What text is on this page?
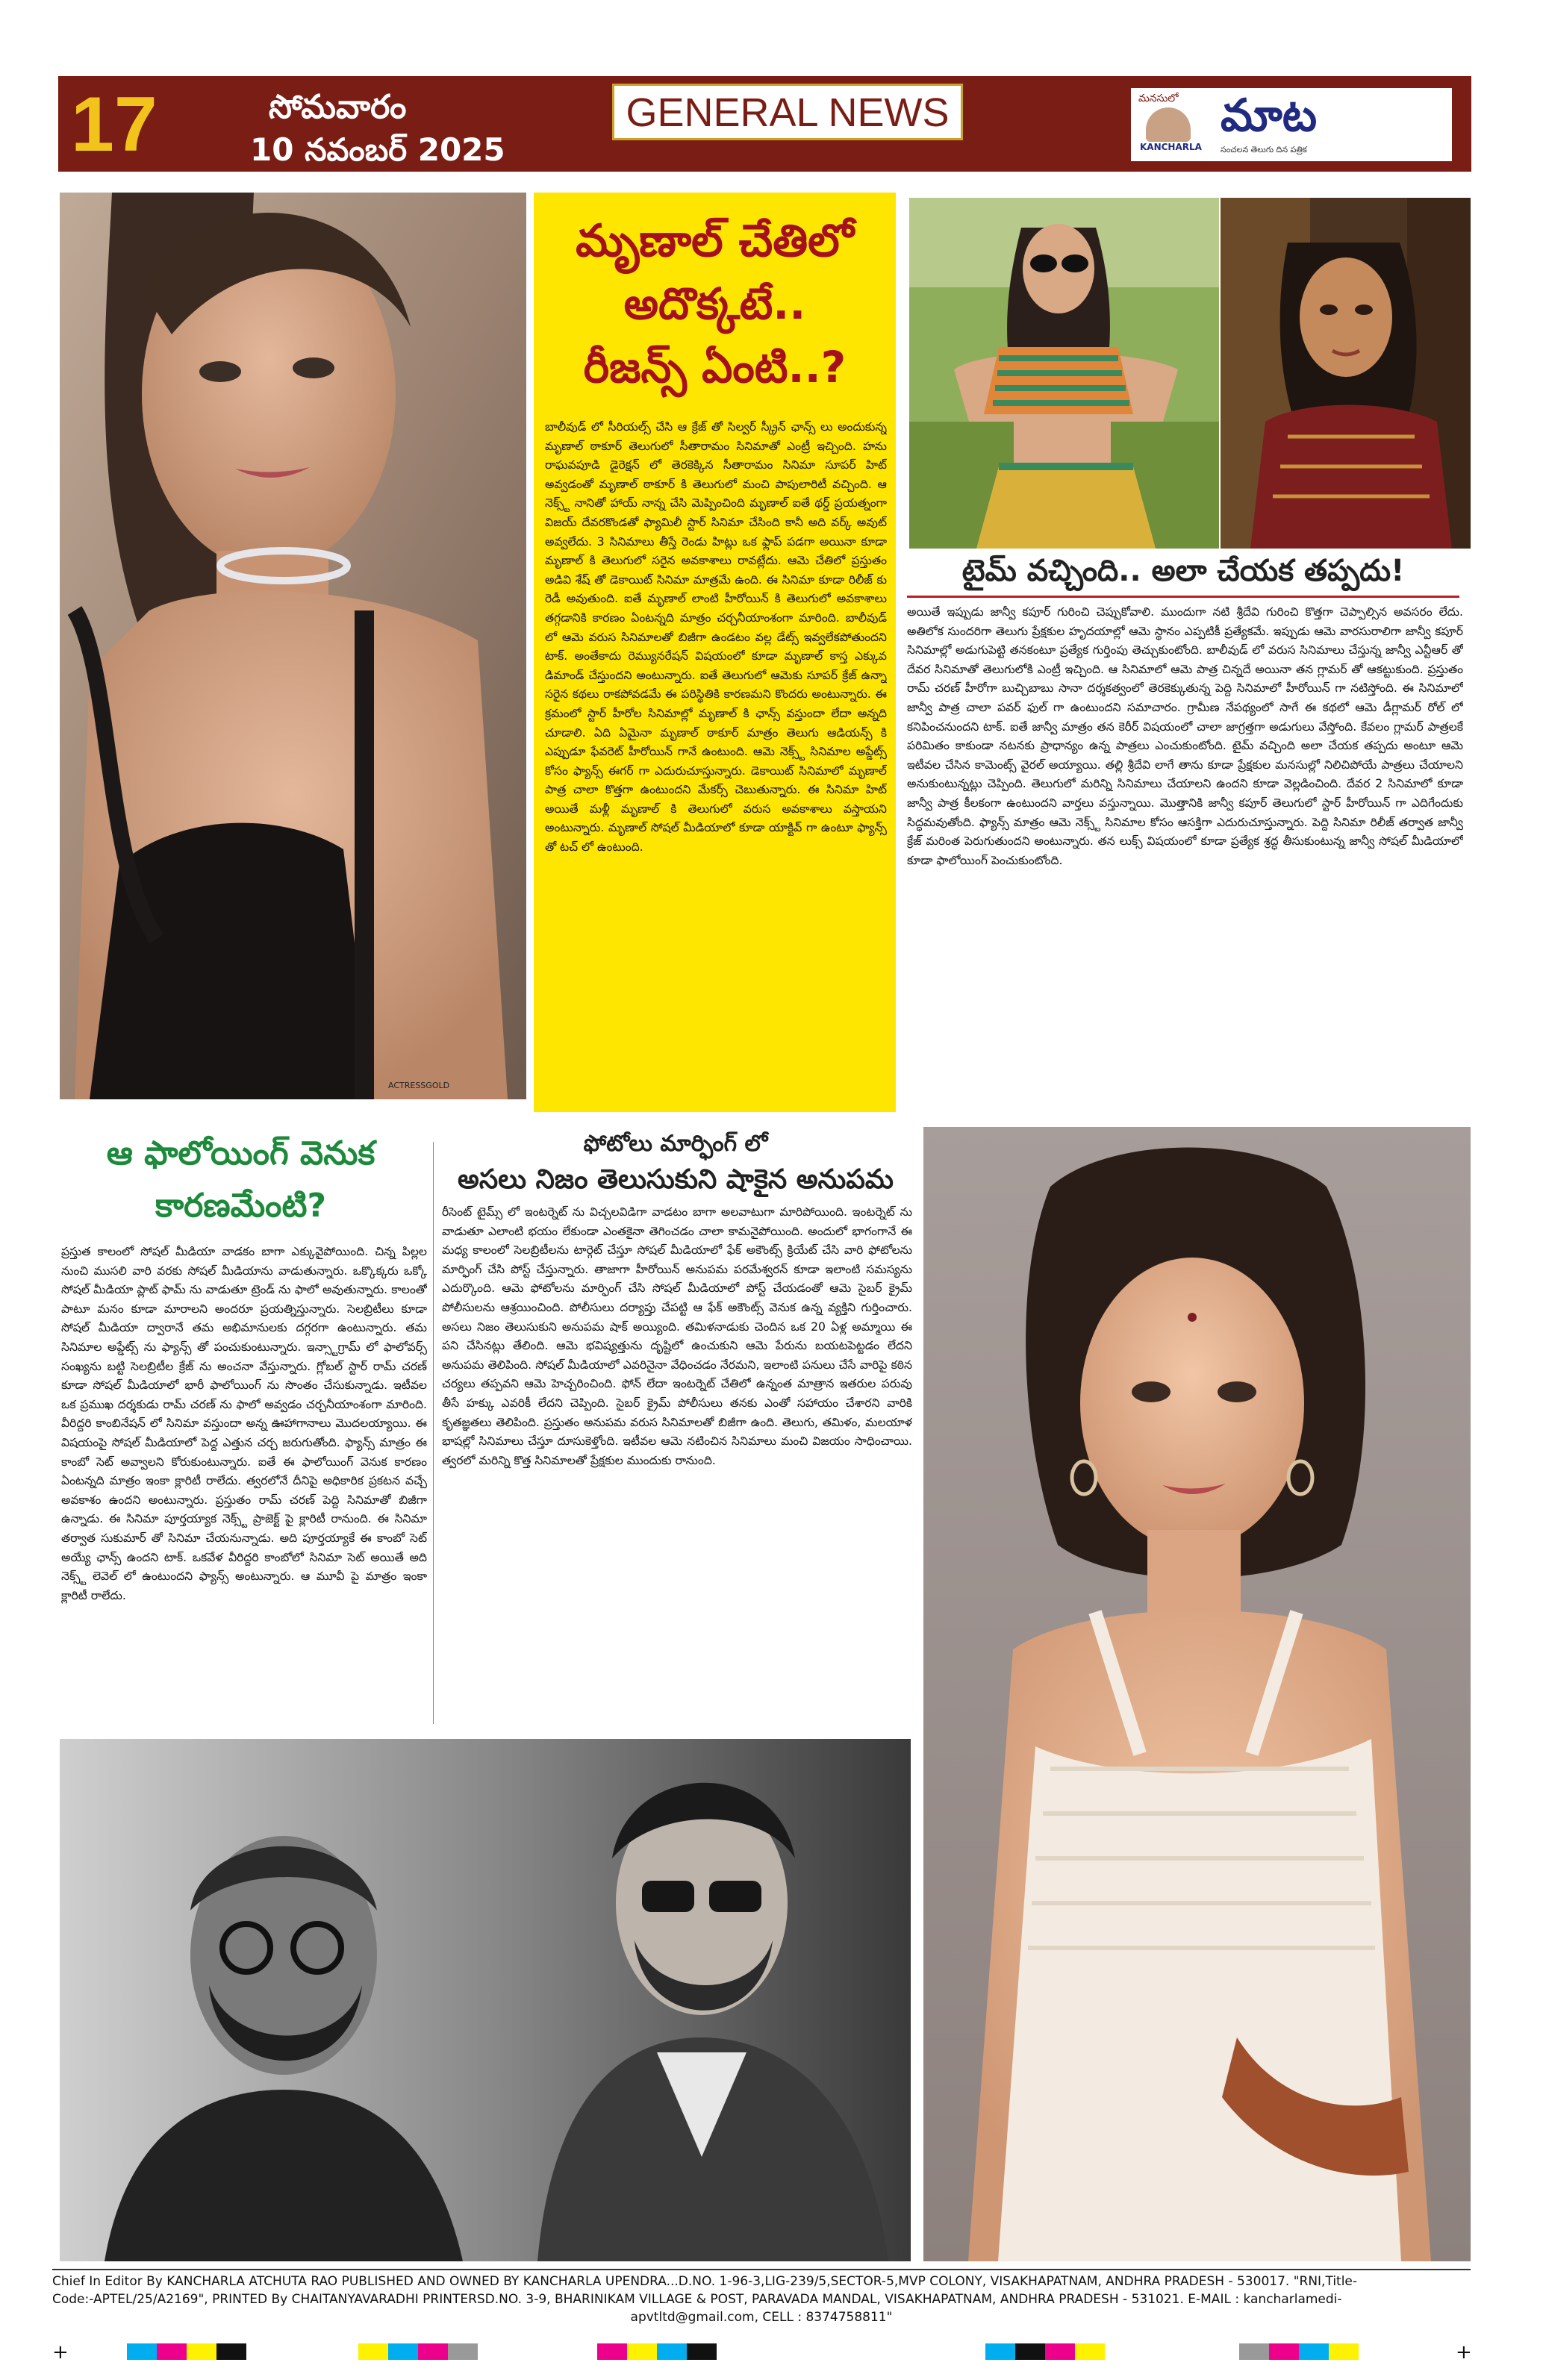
17	సోమవారం
10 నవంబర్ 2025
GENERAL NEWS	మనసులో మాట
KANCHARLA సంచలన తెలుగు దిన పత్రిక
ACTRESSGOLD
మృణాల్ చేతిలో
అదొక్కటే..
రీజన్స్ ఏంటి..?
బాలీవుడ్ లో సీరియల్స్ చేసి ఆ క్రేజ్ తో సిల్వర్ స్క్రీన్ ఛాన్స్ లు అందుకున్న మృణాల్ ఠాకూర్ తెలుగులో సీతారామం సినిమాతో ఎంట్రీ ఇచ్చింది. హను రాఘవపూడి డైరెక్షన్ లో తెరకెక్కిన సీతారామం సినిమా సూపర్ హిట్ అవ్వడంతో మృణాల్ ఠాకూర్ కి తెలుగులో మంచి పాపులారిటీ వచ్చింది. ఆ నెక్స్ట్ నానితో హాయ్ నాన్న చేసి మెప్పించింది మృణాల్ ఐతే థర్డ్ ప్రయత్నంగా విజయ్ దేవరకొండతో ఫ్యామిలీ స్టార్ సినిమా చేసింది కానీ అది వర్క్ అవుట్ అవ్వలేదు. 3 సినిమాలు తీస్తే రెండు హిట్లు ఒక ఫ్లాప్ పడగా అయినా కూడా మృణాల్ కి తెలుగులో సరైన అవకాశాలు రావట్లేదు. ఆమె చేతిలో ప్రస్తుతం అడివి శేష్ తో డెకాయిట్ సినిమా మాత్రమే ఉంది. ఈ సినిమా కూడా రిలీజ్ కు రెడీ అవుతుంది. ఐతే మృణాల్ లాంటి హీరోయిన్ కి తెలుగులో అవకాశాలు తగ్గడానికి కారణం ఏంటన్నది మాత్రం చర్చనీయాంశంగా మారింది. బాలీవుడ్ లో ఆమె వరుస సినిమాలతో బిజీగా ఉండటం వల్ల డేట్స్ ఇవ్వలేకపోతుందని టాక్. అంతేకాదు రెమ్యునరేషన్ విషయంలో కూడా మృణాల్ కాస్త ఎక్కువ డిమాండ్ చేస్తుందని అంటున్నారు. ఐతే తెలుగులో ఆమెకు సూపర్ క్రేజ్ ఉన్నా సరైన కథలు రాకపోవడమే ఈ పరిస్థితికి కారణమని కొందరు అంటున్నారు. ఈ క్రమంలో స్టార్ హీరోల సినిమాల్లో మృణాల్ కి ఛాన్స్ వస్తుందా లేదా అన్నది చూడాలి. ఏది ఏమైనా మృణాల్ ఠాకూర్ మాత్రం తెలుగు ఆడియన్స్ కి ఎప్పుడూ ఫేవరెట్ హీరోయిన్ గానే ఉంటుంది. ఆమె నెక్స్ట్ సినిమాల అప్డేట్స్ కోసం ఫ్యాన్స్ ఈగర్ గా ఎదురుచూస్తున్నారు. డెకాయిట్ సినిమాలో మృణాల్ పాత్ర చాలా కొత్తగా ఉంటుందని మేకర్స్ చెబుతున్నారు. ఈ సినిమా హిట్ అయితే మళ్లీ మృణాల్ కి తెలుగులో వరుస అవకాశాలు వస్తాయని అంటున్నారు. మృణాల్ సోషల్ మీడియాలో కూడా యాక్టివ్ గా ఉంటూ ఫ్యాన్స్ తో టచ్ లో ఉంటుంది.
టైమ్ వచ్చింది.. అలా చేయక తప్పదు!
అయితే ఇప్పుడు జాన్వీ కపూర్ గురించి చెప్పుకోవాలి. ముందుగా నటి శ్రీదేవి గురించి కొత్తగా చెప్పాల్సిన అవసరం లేదు. అతిలోక సుందరిగా తెలుగు ప్రేక్షకుల హృదయాల్లో ఆమె స్థానం ఎప్పటికీ ప్రత్యేకమే. ఇప్పుడు ఆమె వారసురాలిగా జాన్వీ కపూర్ సినిమాల్లో అడుగుపెట్టి తనకంటూ ప్రత్యేక గుర్తింపు తెచ్చుకుంటోంది. బాలీవుడ్ లో వరుస సినిమాలు చేస్తున్న జాన్వీ ఎన్టీఆర్ తో దేవర సినిమాతో తెలుగులోకి ఎంట్రీ ఇచ్చింది. ఆ సినిమాలో ఆమె పాత్ర చిన్నదే అయినా తన గ్లామర్ తో ఆకట్టుకుంది. ప్రస్తుతం రామ్ చరణ్ హీరోగా బుచ్చిబాబు సానా దర్శకత్వంలో తెరకెక్కుతున్న పెద్ది సినిమాలో హీరోయిన్ గా నటిస్తోంది. ఈ సినిమాలో జాన్వీ పాత్ర చాలా పవర్ ఫుల్ గా ఉంటుందని సమాచారం. గ్రామీణ నేపథ్యంలో సాగే ఈ కథలో ఆమె డీగ్లామర్ రోల్ లో కనిపించనుందని టాక్. ఐతే జాన్వీ మాత్రం తన కెరీర్ విషయంలో చాలా జాగ్రత్తగా అడుగులు వేస్తోంది. కేవలం గ్లామర్ పాత్రలకే పరిమితం కాకుండా నటనకు ప్రాధాన్యం ఉన్న పాత్రలు ఎంచుకుంటోంది. టైమ్ వచ్చింది అలా చేయక తప్పదు అంటూ ఆమె ఇటీవల చేసిన కామెంట్స్ వైరల్ అయ్యాయి. తల్లి శ్రీదేవి లాగే తాను కూడా ప్రేక్షకుల మనసుల్లో నిలిచిపోయే పాత్రలు చేయాలని అనుకుంటున్నట్లు చెప్పింది. తెలుగులో మరిన్ని సినిమాలు చేయాలని ఉందని కూడా వెల్లడించింది. దేవర 2 సినిమాలో కూడా జాన్వీ పాత్ర కీలకంగా ఉంటుందని వార్తలు వస్తున్నాయి. మొత్తానికి జాన్వీ కపూర్ తెలుగులో స్టార్ హీరోయిన్ గా ఎదిగేందుకు సిద్ధమవుతోంది. ఫ్యాన్స్ మాత్రం ఆమె నెక్స్ట్ సినిమాల కోసం ఆసక్తిగా ఎదురుచూస్తున్నారు. పెద్ది సినిమా రిలీజ్ తర్వాత జాన్వీ క్రేజ్ మరింత పెరుగుతుందని అంటున్నారు. తన లుక్స్ విషయంలో కూడా ప్రత్యేక శ్రద్ధ తీసుకుంటున్న జాన్వీ సోషల్ మీడియాలో కూడా ఫాలోయింగ్ పెంచుకుంటోంది.
ఆ ఫాలోయింగ్ వెనుక
కారణమేంటి?
ప్రస్తుత కాలంలో సోషల్ మీడియా వాడకం బాగా ఎక్కువైపోయింది. చిన్న పిల్లల నుంచి ముసలి వారి వరకు సోషల్ మీడియాను వాడుతున్నారు. ఒక్కొక్కరు ఒక్కో సోషల్ మీడియా ప్లాట్ ఫామ్ ను వాడుతూ ట్రెండ్ ను ఫాలో అవుతున్నారు. కాలంతో పాటూ మనం కూడా మారాలని అందరూ ప్రయత్నిస్తున్నారు. సెలబ్రిటీలు కూడా సోషల్ మీడియా ద్వారానే తమ అభిమానులకు దగ్గరగా ఉంటున్నారు. తమ సినిమాల అప్డేట్స్ ను ఫ్యాన్స్ తో పంచుకుంటున్నారు. ఇన్స్టాగ్రామ్ లో ఫాలోవర్స్ సంఖ్యను బట్టి సెలబ్రిటీల క్రేజ్ ను అంచనా వేస్తున్నారు. గ్లోబల్ స్టార్ రామ్ చరణ్ కూడా సోషల్ మీడియాలో భారీ ఫాలోయింగ్ ను సొంతం చేసుకున్నాడు. ఇటీవల ఒక ప్రముఖ దర్శకుడు రామ్ చరణ్ ను ఫాలో అవ్వడం చర్చనీయాంశంగా మారింది. వీరిద్దరి కాంబినేషన్ లో సినిమా వస్తుందా అన్న ఊహాగానాలు మొదలయ్యాయి. ఈ విషయంపై సోషల్ మీడియాలో పెద్ద ఎత్తున చర్చ జరుగుతోంది. ఫ్యాన్స్ మాత్రం ఈ కాంబో సెట్ అవ్వాలని కోరుకుంటున్నారు. ఐతే ఈ ఫాలోయింగ్ వెనుక కారణం ఏంటన్నది మాత్రం ఇంకా క్లారిటీ రాలేదు. త్వరలోనే దీనిపై అధికారిక ప్రకటన వచ్చే అవకాశం ఉందని అంటున్నారు. ప్రస్తుతం రామ్ చరణ్ పెద్ది సినిమాతో బిజీగా ఉన్నాడు. ఈ సినిమా పూర్తయ్యాక నెక్స్ట్ ప్రాజెక్ట్ పై క్లారిటీ రానుంది. ఈ సినిమా తర్వాత సుకుమార్ తో సినిమా చేయనున్నాడు. అది పూర్తయ్యాకే ఈ కాంబో సెట్ అయ్యే ఛాన్స్ ఉందని టాక్. ఒకవేళ వీరిద్దరి కాంబోలో సినిమా సెట్ అయితే అది నెక్స్ట్ లెవెల్ లో ఉంటుందని ఫ్యాన్స్ అంటున్నారు. ఆ మూవీ పై మాత్రం ఇంకా క్లారిటీ రాలేదు.
ఫోటోలు మార్ఫింగ్ లో
అసలు నిజం తెలుసుకుని షాకైన అనుపమ
రీసెంట్ టైమ్స్ లో ఇంటర్నెట్ ను విచ్చలవిడిగా వాడటం బాగా అలవాటుగా మారిపోయింది. ఇంటర్నెట్ ను వాడుతూ ఎలాంటి భయం లేకుండా ఎంతకైనా తెగించడం చాలా కామనైపోయింది. అందులో భాగంగానే ఈ మధ్య కాలంలో సెలబ్రిటీలను టార్గెట్ చేస్తూ సోషల్ మీడియాలో ఫేక్ అకౌంట్స్ క్రియేట్ చేసి వారి ఫోటోలను మార్ఫింగ్ చేసి పోస్ట్ చేస్తున్నారు. తాజాగా హీరోయిన్ అనుపమ పరమేశ్వరన్ కూడా ఇలాంటి సమస్యను ఎదుర్కొంది. ఆమె ఫోటోలను మార్ఫింగ్ చేసి సోషల్ మీడియాలో పోస్ట్ చేయడంతో ఆమె సైబర్ క్రైమ్ పోలీసులను ఆశ్రయించింది. పోలీసులు దర్యాప్తు చేపట్టి ఆ ఫేక్ అకౌంట్స్ వెనుక ఉన్న వ్యక్తిని గుర్తించారు. అసలు నిజం తెలుసుకుని అనుపమ షాక్ అయ్యింది. తమిళనాడుకు చెందిన ఒక 20 ఏళ్ల అమ్మాయి ఈ పని చేసినట్లు తేలింది. ఆమె భవిష్యత్తును దృష్టిలో ఉంచుకుని ఆమె పేరును బయటపెట్టడం లేదని అనుపమ తెలిపింది. సోషల్ మీడియాలో ఎవరినైనా వేధించడం నేరమని, ఇలాంటి పనులు చేసే వారిపై కఠిన చర్యలు తప్పవని ఆమె హెచ్చరించింది. ఫోన్ లేదా ఇంటర్నెట్ చేతిలో ఉన్నంత మాత్రాన ఇతరుల పరువు తీసే హక్కు ఎవరికీ లేదని చెప్పింది. సైబర్ క్రైమ్ పోలీసులు తనకు ఎంతో సహాయం చేశారని వారికి కృతజ్ఞతలు తెలిపింది. ప్రస్తుతం అనుపమ వరుస సినిమాలతో బిజీగా ఉంది. తెలుగు, తమిళం, మలయాళ భాషల్లో సినిమాలు చేస్తూ దూసుకెళ్తోంది. ఇటీవల ఆమె నటించిన సినిమాలు మంచి విజయం సాధించాయి. త్వరలో మరిన్ని కొత్త సినిమాలతో ప్రేక్షకుల ముందుకు రానుంది.
Chief In Editor By KANCHARLA ATCHUTA RAO PUBLISHED AND OWNED BY KANCHARLA UPENDRA...D.NO. 1-96-3,LIG-239/5,SECTOR-5,MVP COLONY, VISAKHAPATNAM, ANDHRA PRADESH - 530017. "RNI,Title-
Code:-APTEL/25/A2169", PRINTED By CHAITANYAVARADHI PRINTERSD.NO. 3-9, BHARINIKAM VILLAGE & POST, PARAVADA MANDAL, VISAKHAPATNAM, ANDHRA PRADESH - 531021. E-MAIL : kancharlamedi-
apvtltd@gmail.com, CELL : 8374758811"
+	+
